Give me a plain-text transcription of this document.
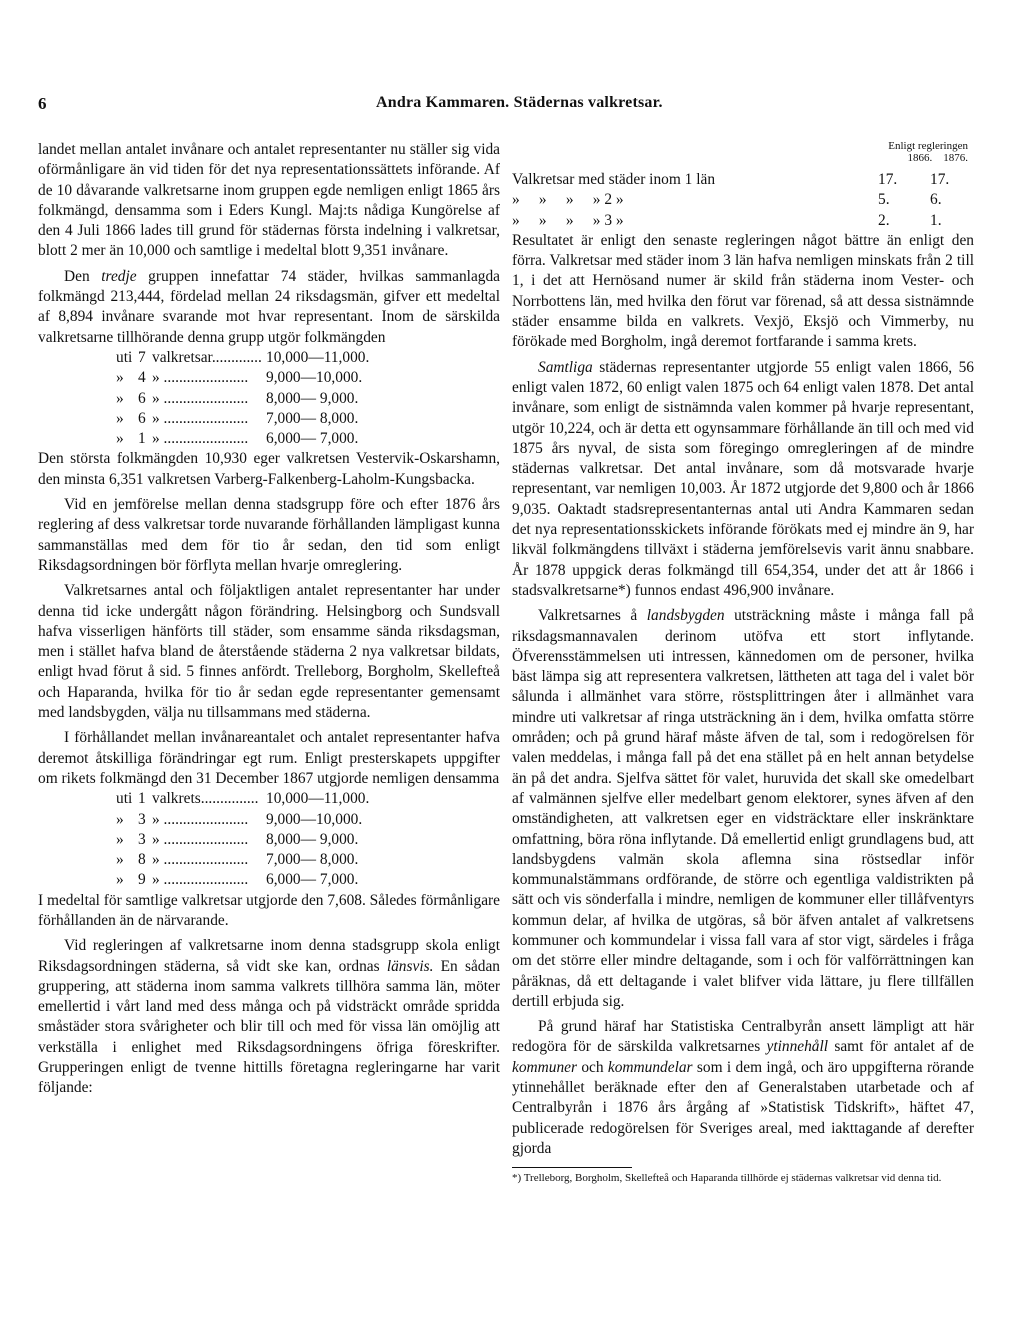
6	Andra Kammaren. Städernas valkretsar.

landet mellan antalet invånare och antalet representanter nu ställer sig vida oförmånligare än vid tiden för det nya representationssättets införande. Af de 10 dåvarande valkretsarne inom gruppen egde nemligen enligt 1865 års folkmängd, densamma som i Eders Kungl. Maj:ts nådiga Kungörelse af den 4 Juli 1866 lades till grund för städernas första indelning i valkretsar, blott 2 mer än 10,000 och samtlige i medeltal blott 9,351 invånare.

Den tredje gruppen innefattar 74 städer, hvilkas sammanlagda folkmängd 213,444, fördelad mellan 24 riksdagsmän, gifver ett medeltal af 8,894 invånare svarande mot hvar representant. Inom de särskilda valkretsarne tillhörande denna grupp utgör folkmängden

uti	7	valkretsar.............	10,000—11,000.
»	4	» ......................	9,000—10,000.
»	6	» ......................	8,000— 9,000.
»	6	» ......................	7,000— 8,000.
»	1	» ......................	6,000— 7,000.

Den största folkmängden 10,930 eger valkretsen Vestervik-Oskarshamn, den minsta 6,351 valkretsen Varberg-Falkenberg-Laholm-Kungsbacka.

Vid en jemförelse mellan denna stadsgrupp före och efter 1876 års reglering af dess valkretsar torde nuvarande förhållanden lämpligast kunna sammanställas med dem för tio år sedan, den tid som enligt Riksdagsordningen bör förflyta mellan hvarje omreglering.

Valkretsarnes antal och följaktligen antalet representanter har under denna tid icke undergått någon förändring. Helsingborg och Sundsvall hafva visserligen hänförts till städer, som ensamme sända riksdagsman, men i stället hafva bland de återstående städerna 2 nya valkretsar bildats, enligt hvad förut å sid. 5 finnes anfördt. Trelleborg, Borgholm, Skellefteå och Haparanda, hvilka för tio år sedan egde representanter gemensamt med landsbygden, välja nu tillsammans med städerna.

I förhållandet mellan invånareantalet och antalet representanter hafva deremot åtskilliga förändringar egt rum. Enligt presterskapets uppgifter om rikets folkmängd den 31 December 1867 utgjorde nemligen densamma

uti	1	valkrets...............	10,000—11,000.
»	3	» ......................	9,000—10,000.
»	3	» ......................	8,000— 9,000.
»	8	» ......................	7,000— 8,000.
»	9	» ......................	6,000— 7,000.

I medeltal för samtlige valkretsar utgjorde den 7,608. Således förmånligare förhållanden än de närvarande.

Vid regleringen af valkretsarne inom denna stadsgrupp skola enligt Riksdagsordningen städerna, så vidt ske kan, ordnas länsvis. En sådan gruppering, att städerna inom samma valkrets tillhöra samma län, möter emellertid i vårt land med dess många och på vidsträckt område spridda småstäder stora svårigheter och blir till och med för vissa län omöjlig att verkställa i enlighet med Riksdagsordningens öfriga föreskrifter. Grupperingen enligt de tvenne hittills företagna regleringarne har varit följande:

Enligt regleringen
1866.    1876.
Valkretsar med städer inom 1 län	17.	17.
»     »     »     » 2 »	5.	6.
»     »     »     » 3 »	2.	1.

Resultatet är enligt den senaste regleringen något bättre än enligt den förra. Valkretsar med städer inom 3 län hafva nemligen minskats från 2 till 1, i det att Hernösand numer är skild från städerna inom Vester- och Norrbottens län, med hvilka den förut var förenad, så att dessa sistnämnde städer ensamme bilda en valkrets. Vexjö, Eksjö och Vimmerby, nu förökade med Borgholm, ingå deremot fortfarande i samma krets.

Samtliga städernas representanter utgjorde 55 enligt valen 1866, 56 enligt valen 1872, 60 enligt valen 1875 och 64 enligt valen 1878. Det antal invånare, som enligt de sistnämnda valen kommer på hvarje representant, utgör 10,224, och är detta ett ogynsammare förhållande än till och med vid 1875 års nyval, de sista som föregingo omregleringen af de mindre städernas valkretsar. Det antal invånare, som då motsvarade hvarje representant, var nemligen 10,003. År 1872 utgjorde det 9,800 och år 1866 9,035. Oaktadt stadsrepresentanternas antal uti Andra Kammaren sedan det nya representationsskickets införande förökats med ej mindre än 9, har likväl folkmängdens tillväxt i städerna jemförelsevis varit ännu snabbare. År 1878 uppgick deras folkmängd till 654,354, under det att år 1866 i stadsvalkretsarne*) funnos endast 496,900 invånare.

Valkretsarnes å landsbygden utsträckning måste i många fall på riksdagsmannavalen derinom utöfva ett stort inflytande. Öfverensstämmelsen uti intressen, kännedomen om de personer, hvilka bäst lämpa sig att representera valkretsen, lättheten att taga del i valet bör sålunda i allmänhet vara större, röstsplittringen åter i allmänhet vara mindre uti valkretsar af ringa utsträckning än i dem, hvilka omfatta större områden; och på grund häraf måste äfven de tal, som i redogörelsen för valen meddelas, i många fall på det ena stället på en helt annan betydelse än på det andra. Sjelfva sättet för valet, huruvida det skall ske omedelbart af valmännen sjelfve eller medelbart genom elektorer, synes äfven af den omständigheten, att valkretsen eger en vidsträcktare eller inskränktare omfattning, böra röna inflytande. Då emellertid enligt grundlagens bud, att landsbygdens valmän skola aflemna sina röstsedlar inför kommunalstämmans ordförande, de större och egentliga valdistrikten på sätt och vis sönderfalla i mindre, nemligen de kommuner eller tillåfventyrs kommun delar, af hvilka de utgöras, så bör äfven antalet af valkretsens kommuner och kommundelar i vissa fall vara af stor vigt, särdeles i fråga om det större eller mindre deltagande, som i och för valförrättningen kan påräknas, då ett deltagande i valet blifver vida lättare, ju flere tillfällen dertill erbjuda sig.

På grund häraf har Statistiska Centralbyrån ansett lämpligt att här redogöra för de särskilda valkretsarnes ytinnehåll samt för antalet af de kommuner och kommundelar som i dem ingå, och äro uppgifterna rörande ytinnehållet beräknade efter den af Generalstaben utarbetade och af Centralbyrån i 1876 års årgång af »Statistisk Tidskrift», häftet 47, publicerade redogörelsen för Sveriges areal, med iakttagande af derefter gjorda

*) Trelleborg, Borgholm, Skellefteå och Haparanda tillhörde ej städernas valkretsar vid denna tid.
